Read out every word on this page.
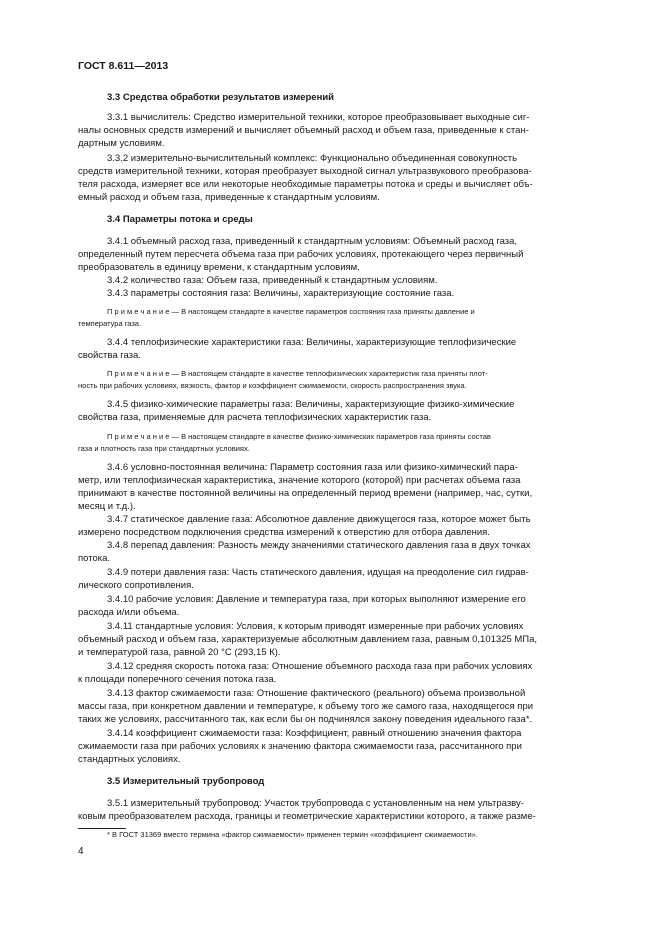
ГОСТ 8.611—2013
3.3 Средства обработки результатов измерений
3.3.1 вычислитель: Средство измерительной техники, которое преобразовывает выходные сиг-
налы основных средств измерений и вычисляет объемный расход и объем газа, приведенные к стан-
дартным условиям.
3.3.2 измерительно-вычислительный комплекс: Функционально объединенная совокупность
средств измерительной техники, которая преобразует выходной сигнал ультразвукового преобразова-
теля расхода, измеряет все или некоторые необходимые параметры потока и среды и вычисляет объ-
емный расход и объем газа, приведенные к стандартным условиям.
3.4 Параметры потока и среды
3.4.1 объемный расход газа, приведенный к стандартным условиям: Объемный расход газа,
определенный путем пересчета объема газа при рабочих условиях, протекающего через первичный
преобразователь в единицу времени, к стандартным условиям.
3.4.2 количество газа: Объем газа, приведенный к стандартным условиям.
3.4.3 параметры состояния газа: Величины, характеризующие состояние газа.
П р и м е ч а н и е — В настоящем стандарте в качестве параметров состояния газа приняты давление и
температура газа.
3.4.4 теплофизические характеристики газа: Величины, характеризующие теплофизические
свойства газа.
П р и м е ч а н и е — В настоящем стандарте в качестве теплофизических характеристик газа приняты плот-
ность при рабочих условиях, вязкость, фактор и коэффициент сжимаемости, скорость распространения звука.
3.4.5 физико-химические параметры газа: Величины, характеризующие физико-химические
свойства газа, применяемые для расчета теплофизических характеристик газа.
П р и м е ч а н и е — В настоящем стандарте в качестве физико-химических параметров газа приняты состав
газа и плотность газа при стандартных условиях.
3.4.6 условно-постоянная величина: Параметр состояния газа или физико-химический пара-
метр, или теплофизическая характеристика, значение которого (которой) при расчетах объема газа
принимают в качестве постоянной величины на определенный период времени (например, час, сутки,
месяц и т.д.).
3.4.7 статическое давление газа: Абсолютное давление движущегося газа, которое может быть
измерено посредством подключения средства измерений к отверстию для отбора давления.
3.4.8 перепад давления: Разность между значениями статического давления газа в двух точках
потока.
3.4.9 потери давления газа: Часть статического давления, идущая на преодоление сил гидрав-
лического сопротивления.
3.4.10 рабочие условия: Давление и температура газа, при которых выполняют измерение его
расхода и/или объема.
3.4.11 стандартные условия: Условия, к которым приводят измеренные при рабочих условиях
объемный расход и объем газа, характеризуемые абсолютным давлением газа, равным 0,101325 МПа,
и температурой газа, равной 20 °С (293,15 К).
3.4.12 средняя скорость потока газа: Отношение объемного расхода газа при рабочих условиях
к площади поперечного сечения потока газа.
3.4.13 фактор сжимаемости газа: Отношение фактического (реального) объема произвольной
массы газа, при конкретном давлении и температуре, к объему того же самого газа, находящегося при
таких же условиях, рассчитанного так, как если бы он подчинялся закону поведения идеального газа*.
3.4.14 коэффициент сжимаемости газа: Коэффициент, равный отношению значения фактора
сжимаемости газа при рабочих условиях к значению фактора сжимаемости газа, рассчитанного при
стандартных условиях.
3.5 Измерительный трубопровод
3.5.1 измерительный трубопровод: Участок трубопровода с установленным на нем ультразву-
ковым преобразователем расхода, границы и геометрические характеристики которого, а также разме-
* В ГОСТ 31369 вместо термина «фактор сжимаемости» применен термин «коэффициент сжимаемости».
4
